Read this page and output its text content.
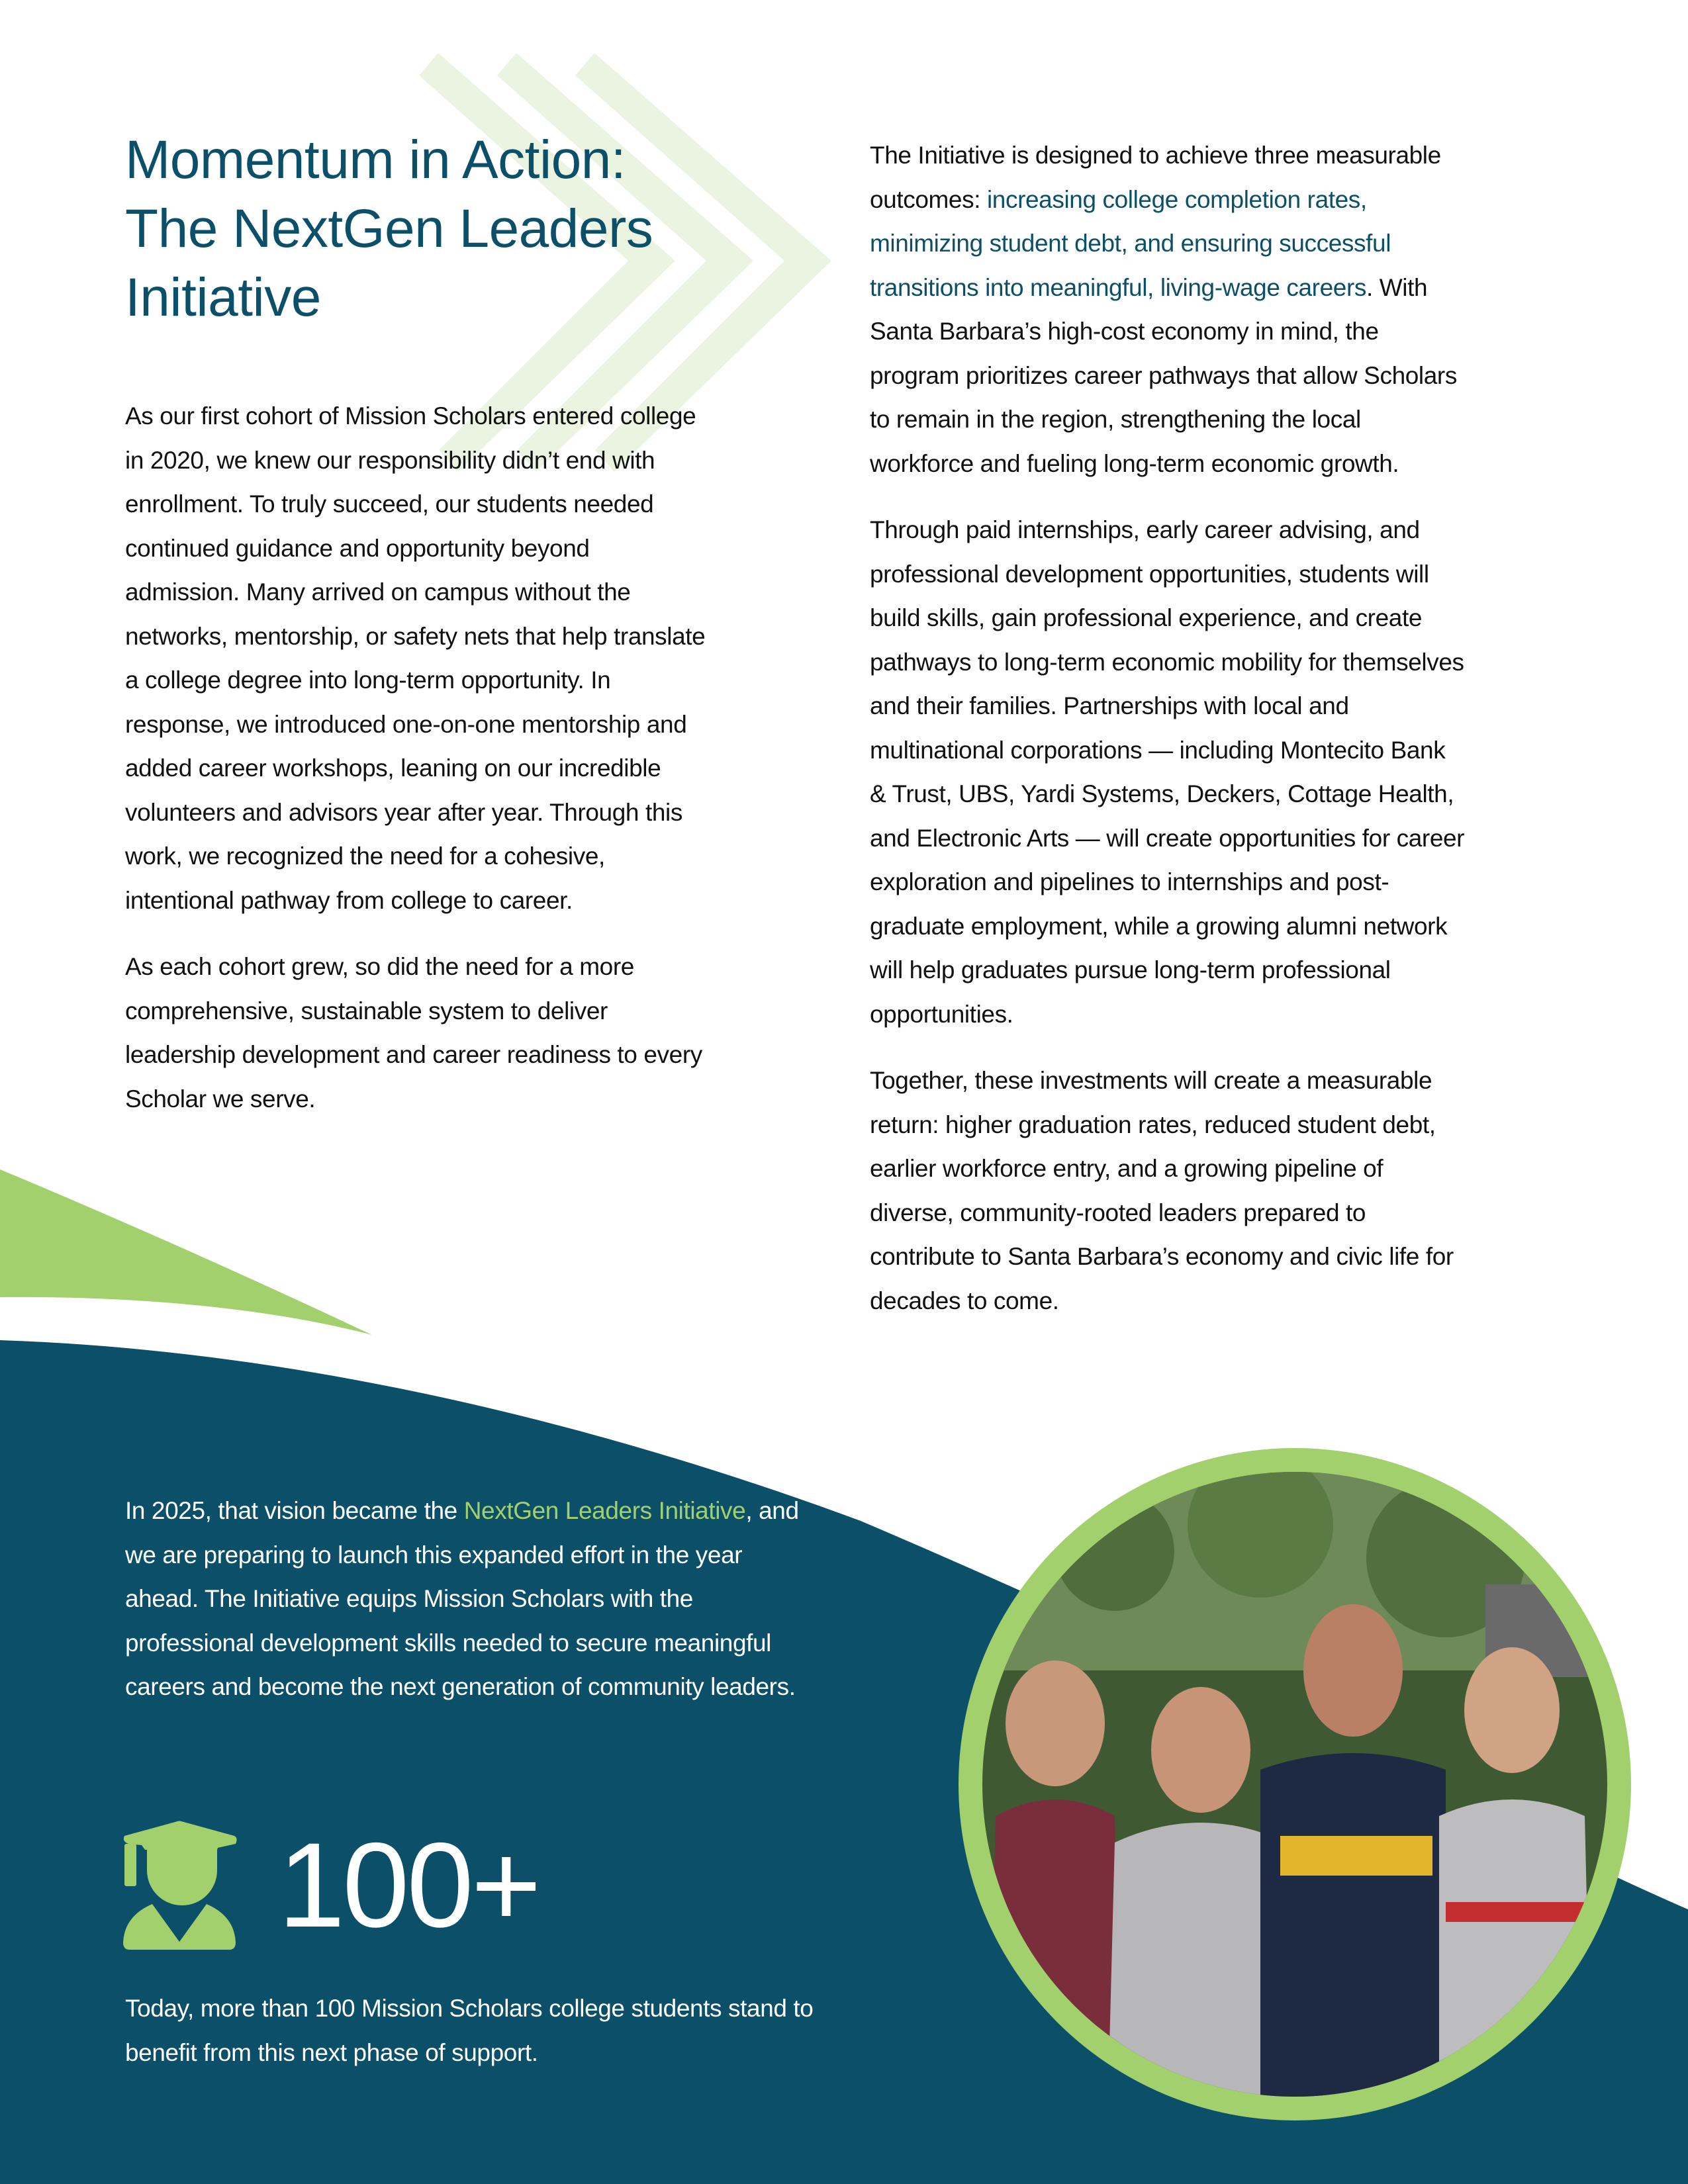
Momentum in Action:
The NextGen Leaders
Initiative

As our first cohort of Mission Scholars entered college in 2020, we knew our responsibility didn’t end with enrollment. To truly succeed, our students needed continued guidance and opportunity beyond admission. Many arrived on campus without the networks, mentorship, or safety nets that help translate a college degree into long-term opportunity. In response, we introduced one-on-one mentorship and added career workshops, leaning on our incredible volunteers and advisors year after year. Through this work, we recognized the need for a cohesive, intentional pathway from college to career.

As each cohort grew, so did the need for a more comprehensive, sustainable system to deliver leadership development and career readiness to every Scholar we serve.

The Initiative is designed to achieve three measurable outcomes: increasing college completion rates, minimizing student debt, and ensuring successful transitions into meaningful, living-wage careers. With Santa Barbara’s high-cost economy in mind, the program prioritizes career pathways that allow Scholars to remain in the region, strengthening the local workforce and fueling long-term economic growth.

Through paid internships, early career advising, and professional development opportunities, students will build skills, gain professional experience, and create pathways to long-term economic mobility for themselves and their families. Partnerships with local and multinational corporations — including Montecito Bank & Trust, UBS, Yardi Systems, Deckers, Cottage Health, and Electronic Arts — will create opportunities for career exploration and pipelines to internships and post-graduate employment, while a growing alumni network will help graduates pursue long-term professional opportunities.

Together, these investments will create a measurable return: higher graduation rates, reduced student debt, earlier workforce entry, and a growing pipeline of diverse, community-rooted leaders prepared to contribute to Santa Barbara’s economy and civic life for decades to come.

In 2025, that vision became the NextGen Leaders Initiative, and we are preparing to launch this expanded effort in the year ahead. The Initiative equips Mission Scholars with the professional development skills needed to secure meaningful careers and become the next generation of community leaders.

100+

Today, more than 100 Mission Scholars college students stand to benefit from this next phase of support.
